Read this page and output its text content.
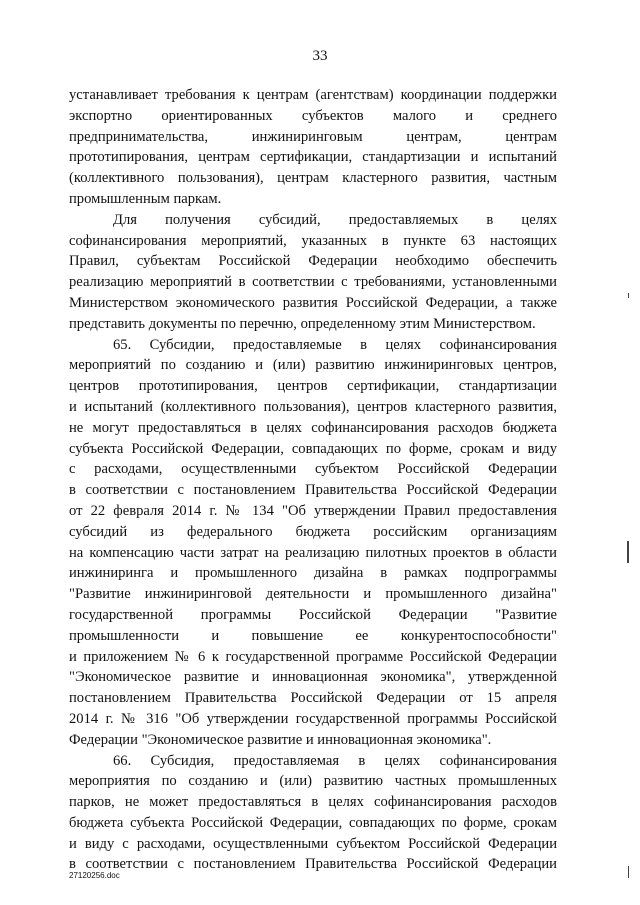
33
устанавливает требования к центрам (агентствам) координации поддержки
экспортно ориентированных субъектов малого и среднего
предпринимательства, инжиниринговым центрам, центрам
прототипирования, центрам сертификации, стандартизации и испытаний
(коллективного пользования), центрам кластерного развития, частным
промышленным паркам.
Для получения субсидий, предоставляемых в целях
софинансирования мероприятий, указанных в пункте 63 настоящих
Правил, субъектам Российской Федерации необходимо обеспечить
реализацию мероприятий в соответствии с требованиями, установленными
Министерством экономического развития Российской Федерации, а также
представить документы по перечню, определенному этим Министерством.
65. Субсидии, предоставляемые в целях софинансирования
мероприятий по созданию и (или) развитию инжиниринговых центров,
центров прототипирования, центров сертификации, стандартизации
и испытаний (коллективного пользования), центров кластерного развития,
не могут предоставляться в целях софинансирования расходов бюджета
субъекта Российской Федерации, совпадающих по форме, срокам и виду
с расходами, осуществленными субъектом Российской Федерации
в соответствии с постановлением Правительства Российской Федерации
от 22 февраля 2014 г. № 134 "Об утверждении Правил предоставления
субсидий из федерального бюджета российским организациям
на компенсацию части затрат на реализацию пилотных проектов в области
инжиниринга и промышленного дизайна в рамках подпрограммы
"Развитие инжиниринговой деятельности и промышленного дизайна"
государственной программы Российской Федерации "Развитие
промышленности и повышение ее конкурентоспособности"
и приложением № 6 к государственной программе Российской Федерации
"Экономическое развитие и инновационная экономика", утвержденной
постановлением Правительства Российской Федерации от 15 апреля
2014 г. № 316 "Об утверждении государственной программы Российской
Федерации "Экономическое развитие и инновационная экономика".
66. Субсидия, предоставляемая в целях софинансирования
мероприятия по созданию и (или) развитию частных промышленных
парков, не может предоставляться в целях софинансирования расходов
бюджета субъекта Российской Федерации, совпадающих по форме, срокам
и виду с расходами, осуществленными субъектом Российской Федерации
в соответствии с постановлением Правительства Российской Федерации
27120256.doc
